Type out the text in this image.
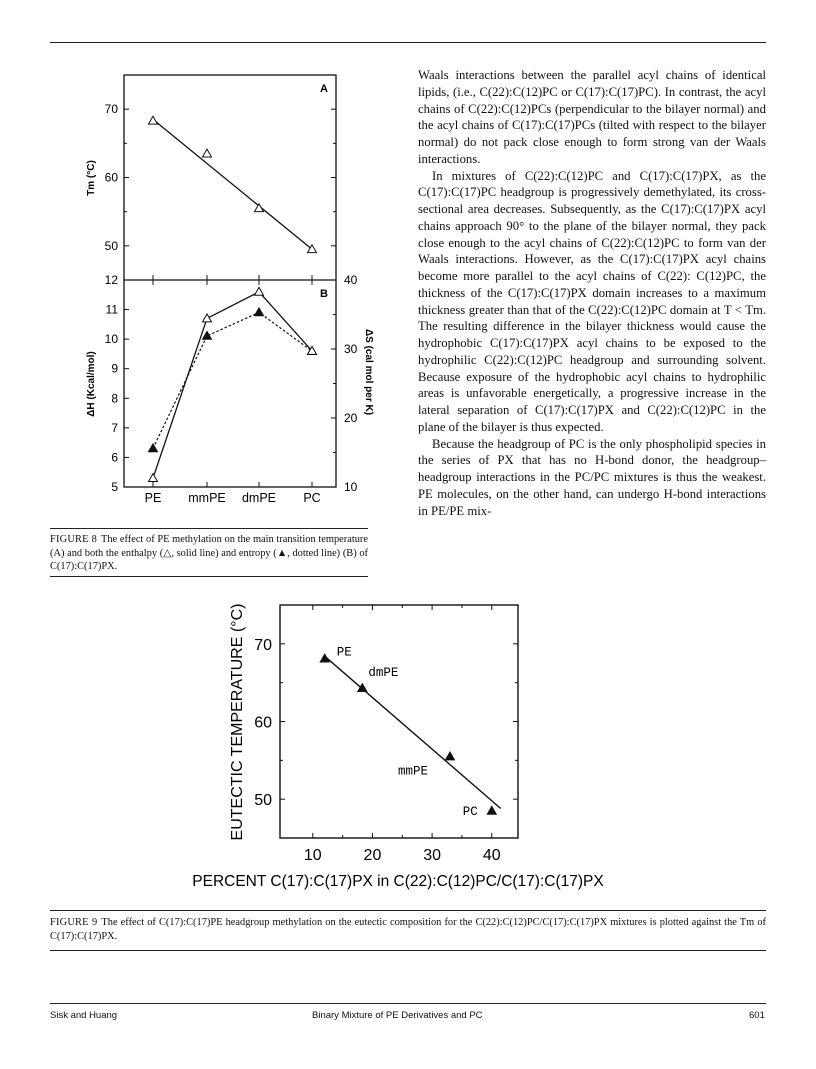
50
60
70
Tm (°C)
A
5
6
7
8
9
10
11
12
10
20
30
40
PE mmPE dmPE PC
ΔH (Kcal/mol)	ΔS (cal mol per K)
B
FIGURE 8 The effect of PE methylation on the main transition temperature (A) and both the enthalpy (△, solid line) and entropy (▲, dotted line) (B) of C(17):C(17)PX.

Waals interactions between the parallel acyl chains of identical lipids, (i.e., C(22):C(12)PC or C(17):C(17)PC). In contrast, the acyl chains of C(22):C(12)PCs (perpendicular to the bilayer normal) and the acyl chains of C(17):C(17)PCs (tilted with respect to the bilayer normal) do not pack close enough to form strong van der Waals interactions.

In mixtures of C(22):C(12)PC and C(17):C(17)PX, as the C(17):C(17)PC headgroup is progressively demethylated, its cross-sectional area decreases. Subsequently, as the C(17):C(17)PX acyl chains approach 90° to the plane of the bilayer normal, they pack close enough to the acyl chains of C(22):C(12)PC to form van der Waals interactions. However, as the C(17):C(17)PX acyl chains become more parallel to the acyl chains of C(22): C(12)PC, the thickness of the C(17):C(17)PX domain increases to a maximum thickness greater than that of the C(22):C(12)PC domain at T < Tm. The resulting difference in the bilayer thickness would cause the hydrophobic C(17):C(17)PX acyl chains to be exposed to the hydrophilic C(22):C(12)PC headgroup and surrounding solvent. Because exposure of the hydrophobic acyl chains to hydrophilic areas is unfavorable energetically, a progressive increase in the lateral separation of C(17):C(17)PX and C(22):C(12)PC in the plane of the bilayer is thus expected.

Because the headgroup of PC is the only phospholipid species in the series of PX that has no H-bond donor, the headgroup–headgroup interactions in the PC/PC mixtures is thus the weakest. PE molecules, on the other hand, can undergo H-bond interactions in PE/PE mix-

50
60
70
10	20	30	40
PE
dmPE
mmPE
PC
EUTECTIC TEMPERATURE (°C)
PERCENT C(17):C(17)PX in C(22):C(12)PC/C(17):C(17)PX
FIGURE 9 The effect of C(17):C(17)PE headgroup methylation on the eutectic composition for the C(22):C(12)PC/C(17):C(17)PX mixtures is plotted against the Tm of C(17):C(17)PX.
Sisk and Huang	Binary Mixture of PE Derivatives and PC	601
